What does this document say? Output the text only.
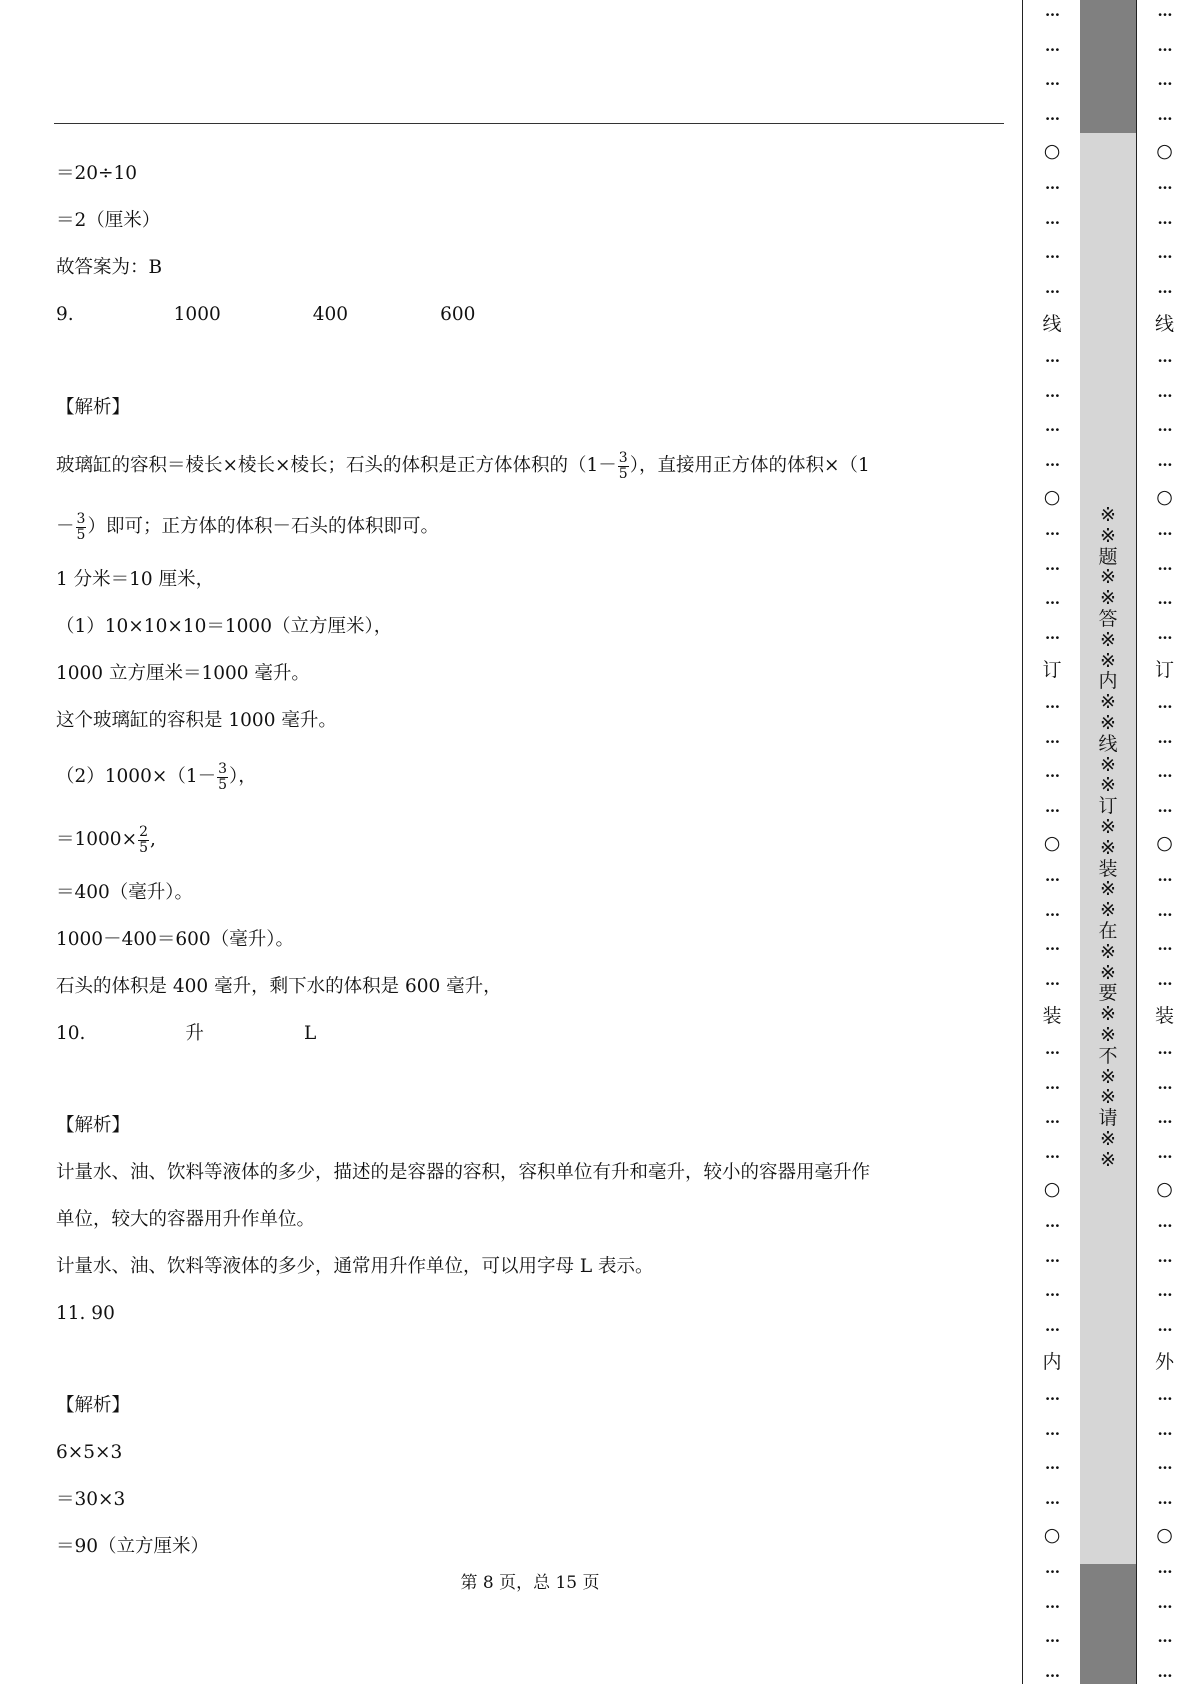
＝20÷10
＝2（厘米）
故答案为：B
9.	1000	400	600
【解析】
玻璃缸的容积＝棱长×棱长×棱长；石头的体积是正方体体积的（$1- \frac{3}{5}$ ），直接用正方体的体积×（1
－ $\frac{3}{5}$ ）即可；正方体的体积－石头的体积即可。
1 分米＝10 厘米，
（1）10×10×10＝1000（立方厘米），
1000 立方厘米＝1000 毫升。
这个玻璃缸的容积是 1000 毫升。
$(2)1000\times(1- \frac{3}{5}$ ），
$=1000\times \frac{2}{5}$ ,
＝400（毫升）。
1000－400＝600（毫升）。
石头的体积是 400 毫升，剩下水的体积是 600 毫升，
10.	升	L
【解析】
计量水、油、饮料等液体的多少，描述的是容器的容积，容积单位有升和毫升，较小的容器用毫升作
单位，较大的容器用升作单位。
计量水、油、饮料等液体的多少，通常用升作单位，可以用字母 L 表示。
11. 90
【解析】
6×5×3
＝30×3
＝90（立方厘米）
第 8 页，总 15 页
…
…
…
…
○
…
…
…
…
线
…
…
…
…
○
…
…
…
…
订
…
…
…
…
○
…
…
…
…
装
…
…
…
…
○
…
…
…
…
内
…
…
…
…
○
…
…
…
…
※
※
题
※
※
答
※
※
内
※
※
线
※
※
订
※
※
装
※
※
在
※
※
要
※
※
不
※
※
请
※
※
…
…
…
…
○
…
…
…
…
线
…
…
…
…
○
…
…
…
…
订
…
…
…
…
○
…
…
…
…
装
…
…
…
…
○
…
…
…
…
外
…
…
…
…
○
…
…
…
…
